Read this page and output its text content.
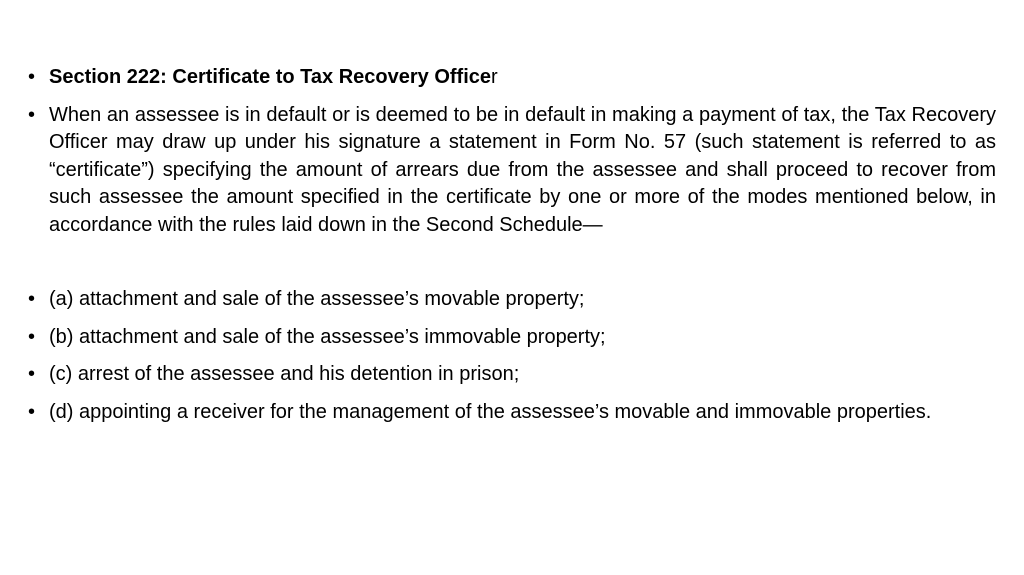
• Section 222: Certificate to Tax Recovery Officer
• When an assessee is in default or is deemed to be in default in making a payment of tax, the Tax Recovery Officer may draw up under his signature a statement in Form No. 57 (such statement is referred to as “certificate”) specifying the amount of arrears due from the assessee and shall proceed to recover from such assessee the amount specified in the certificate by one or more of the modes mentioned below, in accordance with the rules laid down in the Second Schedule—
• (a) attachment and sale of the assessee’s movable property;
• (b) attachment and sale of the assessee’s immovable property;
• (c) arrest of the assessee and his detention in prison;
• (d) appointing a receiver for the management of the assessee’s movable and immovable properties.
